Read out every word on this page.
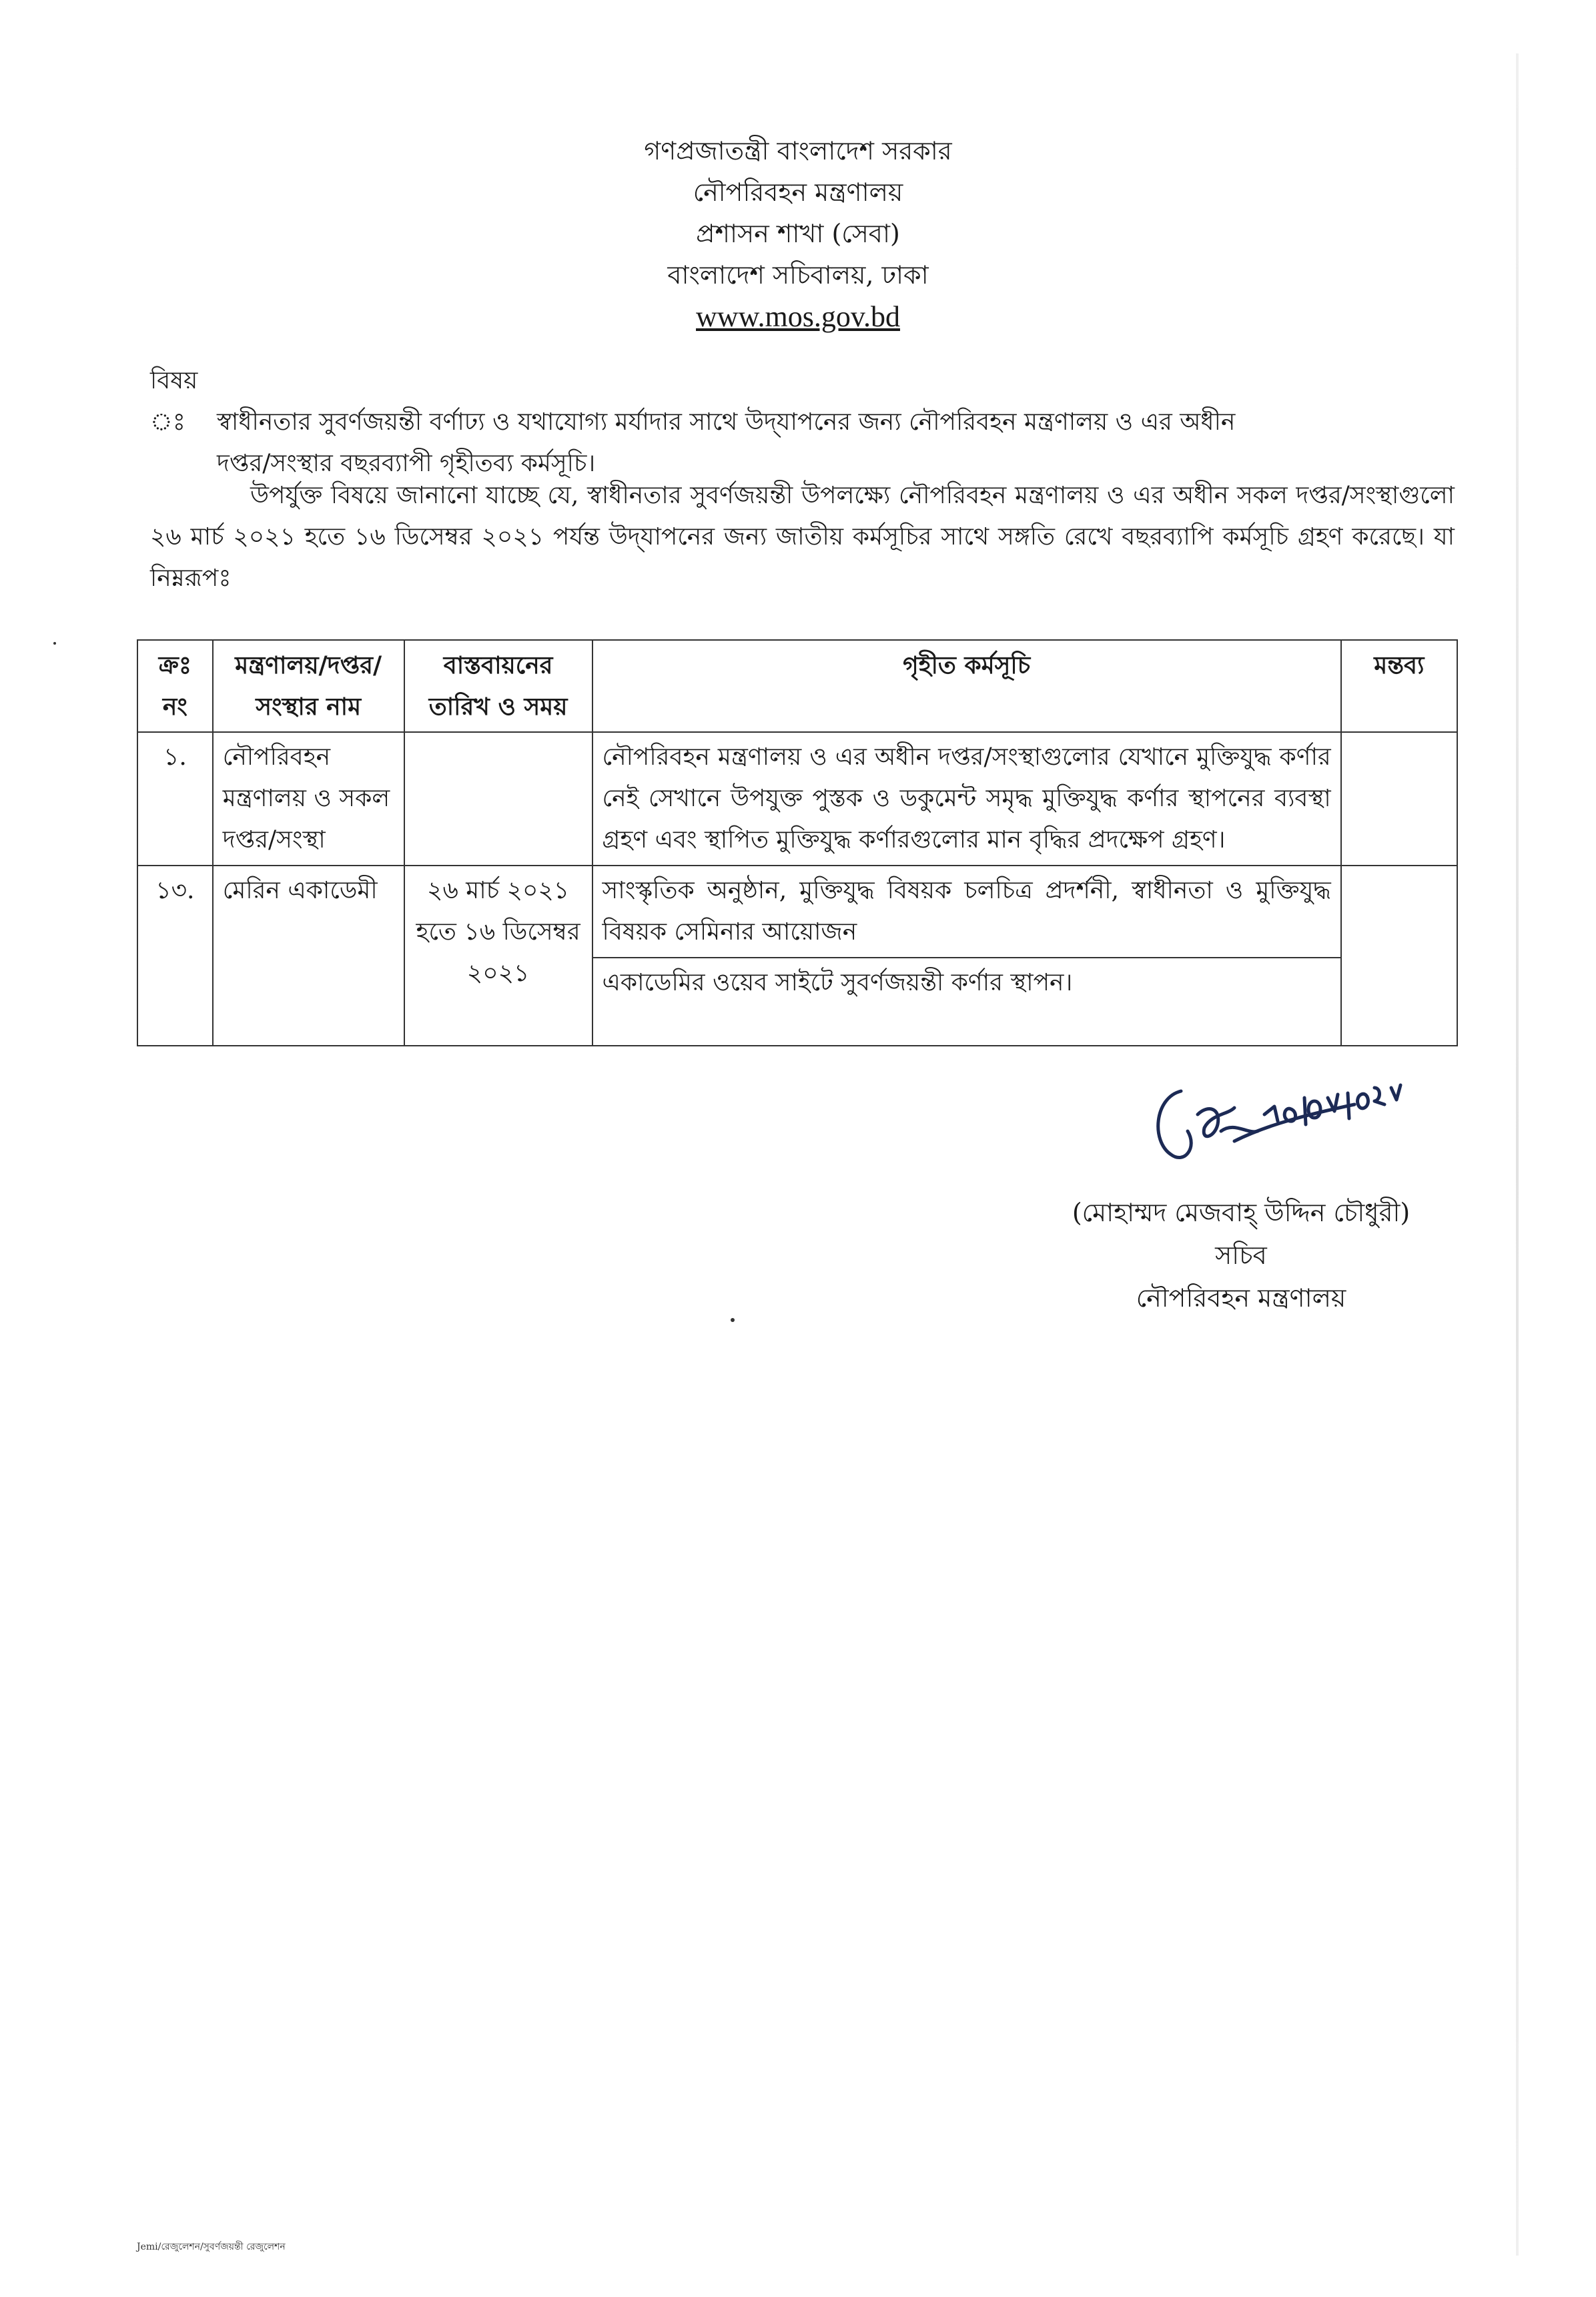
গণপ্রজাতন্ত্রী বাংলাদেশ সরকার
নৌপরিবহন মন্ত্রণালয়
প্রশাসন শাখা (সেবা)
বাংলাদেশ সচিবালয়, ঢাকা
www.mos.gov.bd
বিষয় ঃ স্বাধীনতার সুবর্ণজয়ন্তী বর্ণাঢ্য ও যথাযোগ্য মর্যাদার সাথে উদ্‌যাপনের জন্য নৌপরিবহন মন্ত্রণালয় ও এর অধীন
দপ্তর/সংস্থার বছরব্যাপী গৃহীতব্য কর্মসূচি।
উপর্যুক্ত বিষয়ে জানানো যাচ্ছে যে, স্বাধীনতার সুবর্ণজয়ন্তী উপলক্ষ্যে নৌপরিবহন মন্ত্রণালয় ও এর অধীন সকল দপ্তর/সংস্থাগুলো ২৬ মার্চ ২০২১ হতে ১৬ ডিসেম্বর ২০২১ পর্যন্ত উদ্‌যাপনের জন্য জাতীয় কর্মসূচির সাথে সঙ্গতি রেখে বছরব্যাপি কর্মসূচি গ্রহণ করেছে। যা নিম্নরূপঃ
ক্রঃ নং	মন্ত্রণালয়/দপ্তর/ সংস্থার নাম	বাস্তবায়নের তারিখ ও সময়	গৃহীত কর্মসূচি	মন্তব্য
১.	নৌপরিবহন মন্ত্রণালয় ও সকল দপ্তর/সংস্থা		নৌপরিবহন মন্ত্রণালয় ও এর অধীন দপ্তর/সংস্থাগুলোর যেখানে মুক্তিযুদ্ধ কর্ণার নেই সেখানে উপযুক্ত পুস্তক ও ডকুমেন্ট সমৃদ্ধ মুক্তিযুদ্ধ কর্ণার স্থাপনের ব্যবস্থা গ্রহণ এবং স্থাপিত মুক্তিযুদ্ধ কর্ণারগুলোর মান বৃদ্ধির প্রদক্ষেপ গ্রহণ।	
১৩.	মেরিন একাডেমী	২৬ মার্চ ২০২১ হতে ১৬ ডিসেম্বর ২০২১	সাংস্কৃতিক অনুষ্ঠান, মুক্তিযুদ্ধ বিষয়ক চলচিত্র প্রদর্শনী, স্বাধীনতা ও মুক্তিযুদ্ধ বিষয়ক সেমিনার আয়োজন	
			একাডেমির ওয়েব সাইটে সুবর্ণজয়ন্তী কর্ণার স্থাপন।	
(মোহাম্মদ মেজবাহ্‌ উদ্দিন চৌধুরী)
সচিব
নৌপরিবহন মন্ত্রণালয়
Jemi/রেজুলেশন/সুবর্ণজয়ন্তী রেজুলেশন
